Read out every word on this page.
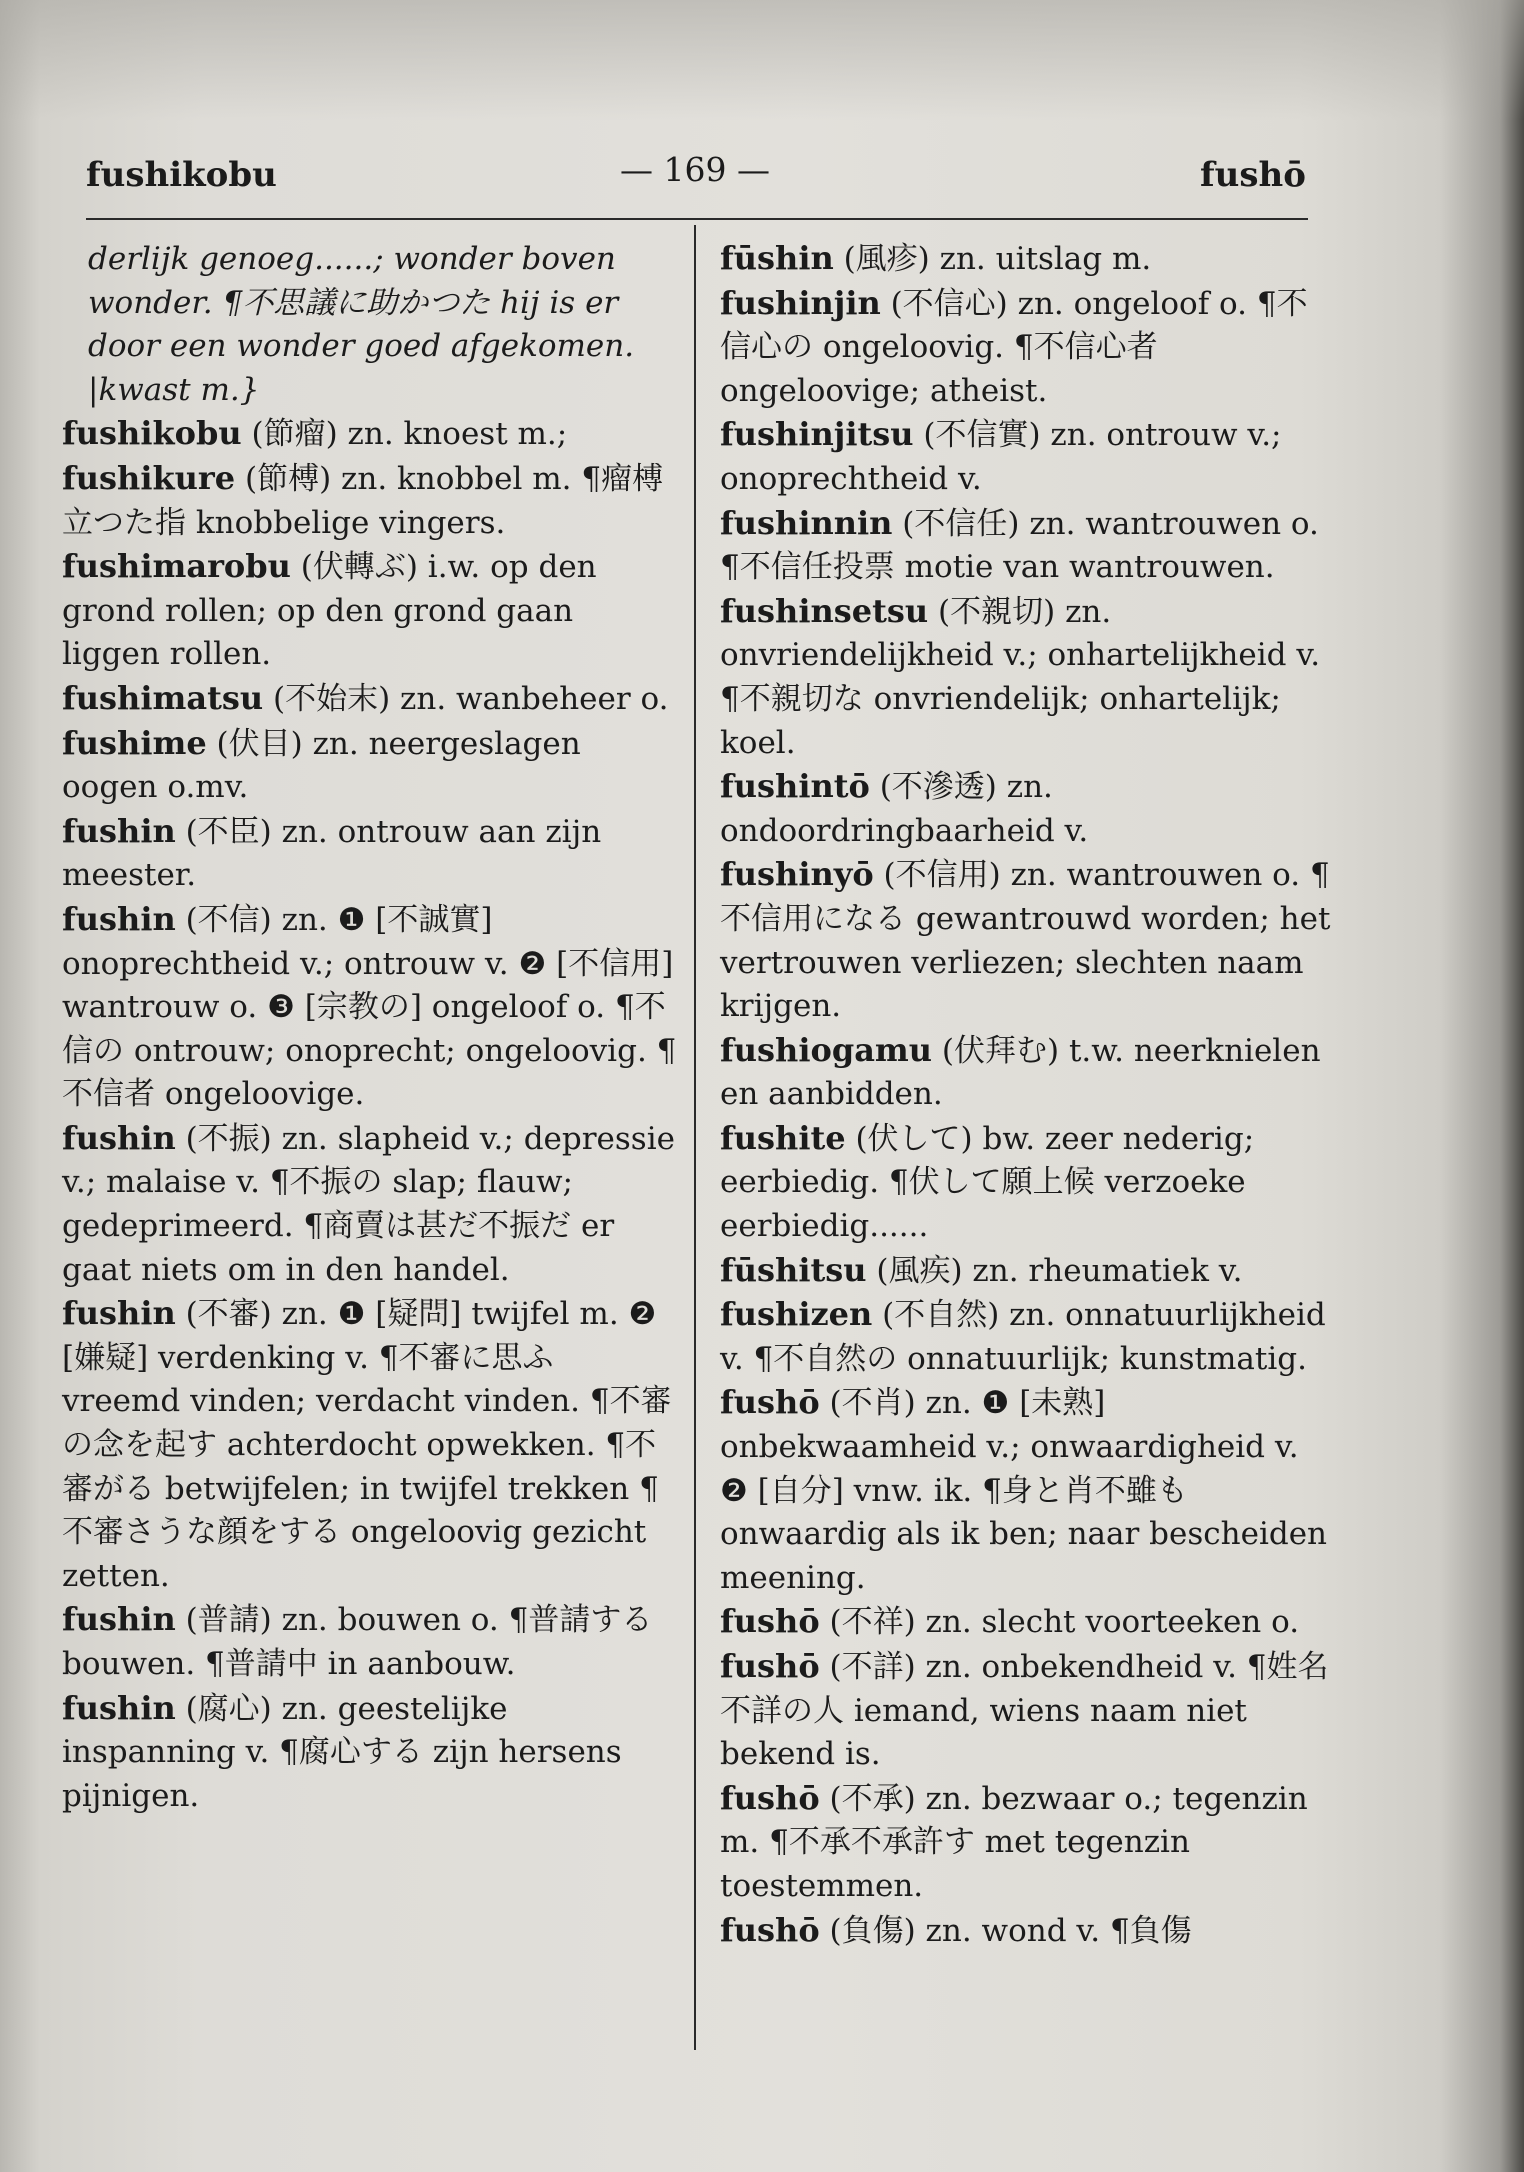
fushikobu	— 169 —	fushō

derlijk genoeg......; wonder boven wonder. ¶不思議に助かつた hij is er door een wonder goed afgekomen. |kwast m.}

fushikobu (節瘤) zn. knoest m.;

fushikure (節榑) zn. knobbel m. ¶瘤榑立つた指 knobbelige vingers.

fushimarobu (伏轉ぶ) i.w. op den grond rollen; op den grond gaan liggen rollen.

fushimatsu (不始末) zn. wanbeheer o.

fushime (伏目) zn. neergeslagen oogen o.mv.

fushin (不臣) zn. ontrouw aan zijn meester.

fushin (不信) zn. ❶ [不誠實] onoprechtheid v.; ontrouw v. ❷ [不信用] wantrouw o. ❸ [宗教の] ongeloof o. ¶不信の ontrouw; onoprecht; ongeloovig. ¶不信者 ongeloovige.

fushin (不振) zn. slapheid v.; depressie v.; malaise v. ¶不振の slap; flauw; gedeprimeerd. ¶商賣は甚だ不振だ er gaat niets om in den handel.

fushin (不審) zn. ❶ [疑問] twijfel m. ❷ [嫌疑] verdenking v. ¶不審に思ふ vreemd vinden; verdacht vinden. ¶不審の念を起す achterdocht opwekken. ¶不審がる betwijfelen; in twijfel trekken ¶不審さうな顔をする ongeloovig gezicht zetten.

fushin (普請) zn. bouwen o. ¶普請する bouwen. ¶普請中 in aanbouw.

fushin (腐心) zn. geestelijke inspanning v. ¶腐心する zijn hersens pijnigen.

fūshin (風疹) zn. uitslag m.

fushinjin (不信心) zn. ongeloof o. ¶不信心の ongeloovig. ¶不信心者 ongeloovige; atheist.

fushinjitsu (不信實) zn. ontrouw v.; onoprechtheid v.

fushinnin (不信任) zn. wantrouwen o. ¶不信任投票 motie van wantrouwen.

fushinsetsu (不親切) zn. onvriendelijkheid v.; onhartelijkheid v. ¶不親切な onvriendelijk; onhartelijk; koel.

fushintō (不滲透) zn. ondoordringbaarheid v.

fushinyō (不信用) zn. wantrouwen o. ¶不信用になる gewantrouwd worden; het vertrouwen verliezen; slechten naam krijgen.

fushiogamu (伏拜む) t.w. neerknielen en aanbidden.

fushite (伏して) bw. zeer nederig; eerbiedig. ¶伏して願上候 verzoeke eerbiedig......

fūshitsu (風疾) zn. rheumatiek v.

fushizen (不自然) zn. onnatuurlijkheid v. ¶不自然の onnatuurlijk; kunstmatig.

fushō (不肖) zn. ❶ [未熟] onbekwaamheid v.; onwaardigheid v. ❷ [自分] vnw. ik. ¶身と肖不雖も onwaardig als ik ben; naar bescheiden meening.

fushō (不祥) zn. slecht voorteeken o.

fushō (不詳) zn. onbekendheid v. ¶姓名不詳の人 iemand, wiens naam niet bekend is.

fushō (不承) zn. bezwaar o.; tegenzin m. ¶不承不承許す met tegenzin toestemmen.

fushō (負傷) zn. wond v. ¶負傷
